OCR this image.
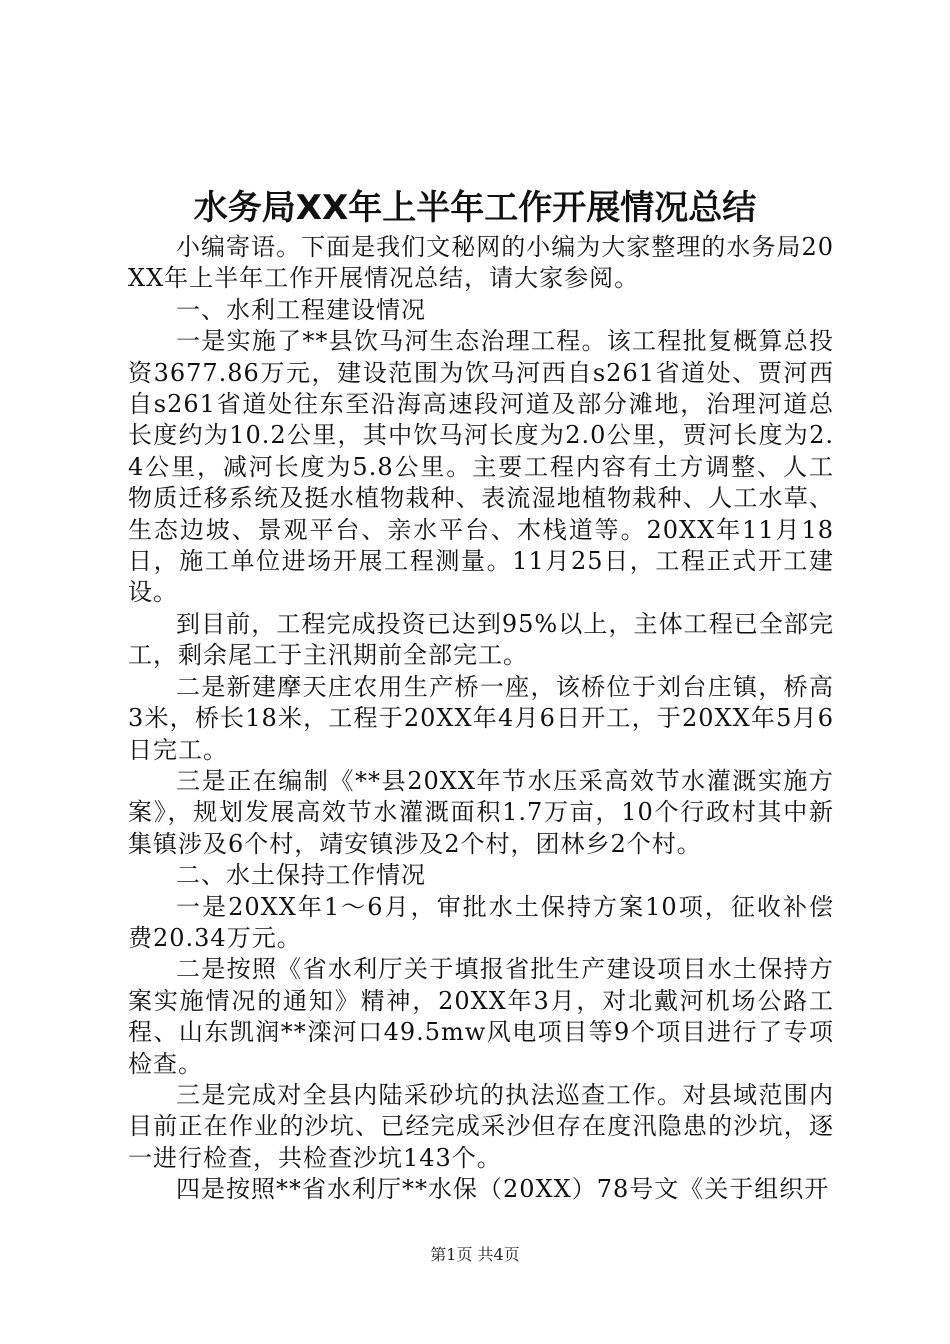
水务局XX年上半年工作开展情况总结

小编寄语。下面是我们文秘网的小编为大家整理的水务局20XX年上半年工作开展情况总结，请大家参阅。

一、水利工程建设情况

一是实施了**县饮马河生态治理工程。该工程批复概算总投资3677.86万元，建设范围为饮马河西自s261省道处、贾河西自s261省道处往东至沿海高速段河道及部分滩地，治理河道总长度约为10.2公里，其中饮马河长度为2.0公里，贾河长度为2.4公里，减河长度为5.8公里。主要工程内容有土方调整、人工物质迁移系统及挺水植物栽种、表流湿地植物栽种、人工水草、生态边坡、景观平台、亲水平台、木栈道等。20XX年11月18日，施工单位进场开展工程测量。11月25日，工程正式开工建设。

到目前，工程完成投资已达到95%以上，主体工程已全部完工，剩余尾工于主汛期前全部完工。

二是新建摩天庄农用生产桥一座，该桥位于刘台庄镇，桥高3米，桥长18米，工程于20XX年4月6日开工，于20XX年5月6日完工。

三是正在编制《**县20XX年节水压采高效节水灌溉实施方案》，规划发展高效节水灌溉面积1.7万亩，10个行政村其中新集镇涉及6个村，靖安镇涉及2个村，团林乡2个村。

二、水土保持工作情况

一是20XX年1～6月，审批水土保持方案10项，征收补偿费20.34万元。

二是按照《省水利厅关于填报省批生产建设项目水土保持方案实施情况的通知》精神，20XX年3月，对北戴河机场公路工程、山东凯润**滦河口49.5mw风电项目等9个项目进行了专项检查。

三是完成对全县内陆采砂坑的执法巡查工作。对县域范围内目前正在作业的沙坑、已经完成采沙但存在度汛隐患的沙坑，逐一进行检查，共检查沙坑143个。

四是按照**省水利厅**水保（20XX）78号文《关于组织开

第1页 共4页
